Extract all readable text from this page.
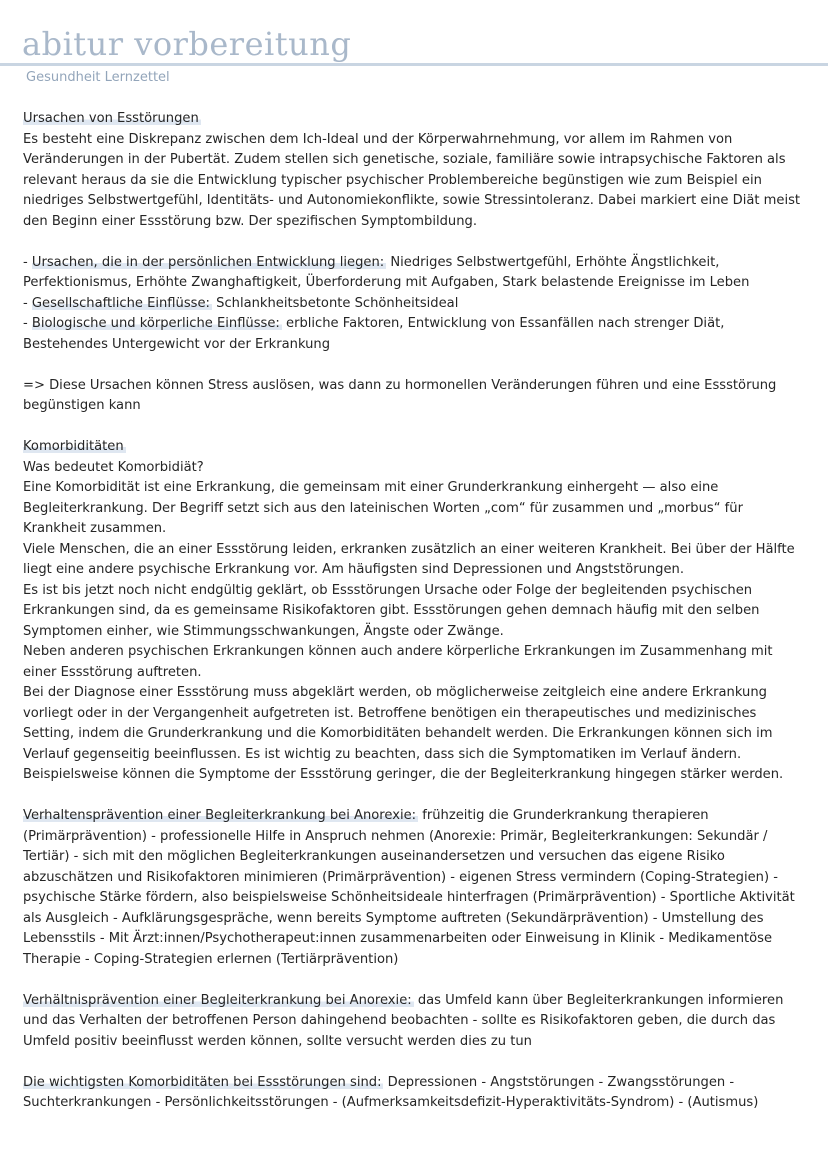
abitur vorbereitung
Gesundheit Lernzettel

Ursachen von Esstörungen

Es besteht eine Diskrepanz zwischen dem Ich-Ideal und der Körperwahrnehmung, vor allem im Rahmen von Veränderungen in der Pubertät. Zudem stellen sich genetische, soziale, familiäre sowie intrapsychische Faktoren als relevant heraus da sie die Entwicklung typischer psychischer Problembereiche begünstigen wie zum Beispiel ein niedriges Selbstwertgefühl, Identitäts- und Autonomiekonflikte, sowie Stressintoleranz. Dabei markiert eine Diät meist den Beginn einer Essstörung bzw. Der spezifischen Symptombildung.

- Ursachen, die in der persönlichen Entwicklung liegen: Niedriges Selbstwertgefühl, Erhöhte Ängstlichkeit, Perfektionismus, Erhöhte Zwanghaftigkeit, Überforderung mit Aufgaben, Stark belastende Ereignisse im Leben

- Gesellschaftliche Einflüsse: Schlankheitsbetonte Schönheitsideal

- Biologische und körperliche Einflüsse: erbliche Faktoren, Entwicklung von Essanfällen nach strenger Diät, Bestehendes Untergewicht vor der Erkrankung

=> Diese Ursachen können Stress auslösen, was dann zu hormonellen Veränderungen führen und eine Essstörung begünstigen kann

Komorbiditäten

Was bedeutet Komorbidiät?

Eine Komorbidität ist eine Erkrankung, die gemeinsam mit einer Grunderkrankung einhergeht — also eine Begleiterkrankung. Der Begriff setzt sich aus den lateinischen Worten „com“ für zusammen und „morbus“ für Krankheit zusammen.

Viele Menschen, die an einer Essstörung leiden, erkranken zusätzlich an einer weiteren Krankheit. Bei über der Hälfte liegt eine andere psychische Erkrankung vor. Am häufigsten sind Depressionen und Angststörungen.

Es ist bis jetzt noch nicht endgültig geklärt, ob Essstörungen Ursache oder Folge der begleitenden psychischen Erkrankungen sind, da es gemeinsame Risikofaktoren gibt. Essstörungen gehen demnach häufig mit den selben Symptomen einher, wie Stimmungsschwankungen, Ängste oder Zwänge.

Neben anderen psychischen Erkrankungen können auch andere körperliche Erkrankungen im Zusammenhang mit einer Essstörung auftreten.

Bei der Diagnose einer Essstörung muss abgeklärt werden, ob möglicherweise zeitgleich eine andere Erkrankung vorliegt oder in der Vergangenheit aufgetreten ist. Betroffene benötigen ein therapeutisches und medizinisches Setting, indem die Grunderkrankung und die Komorbiditäten behandelt werden. Die Erkrankungen können sich im Verlauf gegenseitig beeinflussen. Es ist wichtig zu beachten, dass sich die Symptomatiken im Verlauf ändern. Beispielsweise können die Symptome der Essstörung geringer, die der Begleiterkrankung hingegen stärker werden.

Verhaltensprävention einer Begleiterkrankung bei Anorexie: frühzeitig die Grunderkrankung therapieren (Primärprävention) - professionelle Hilfe in Anspruch nehmen (Anorexie: Primär, Begleiterkrankungen: Sekundär / Tertiär) - sich mit den möglichen Begleiterkrankungen auseinandersetzen und versuchen das eigene Risiko abzuschätzen und Risikofaktoren minimieren (Primärprävention) - eigenen Stress vermindern (Coping-Strategien) - psychische Stärke fördern, also beispielsweise Schönheitsideale hinterfragen (Primärprävention) - Sportliche Aktivität als Ausgleich - Aufklärungsgespräche, wenn bereits Symptome auftreten (Sekundärprävention) - Umstellung des Lebensstils - Mit Ärzt:innen/Psychotherapeut:innen zusammenarbeiten oder Einweisung in Klinik - Medikamentöse Therapie - Coping-Strategien erlernen (Tertiärprävention)

Verhältnisprävention einer Begleiterkrankung bei Anorexie: das Umfeld kann über Begleiterkrankungen informieren und das Verhalten der betroffenen Person dahingehend beobachten - sollte es Risikofaktoren geben, die durch das Umfeld positiv beeinflusst werden können, sollte versucht werden dies zu tun

Die wichtigsten Komorbiditäten bei Essstörungen sind: Depressionen - Angststörungen - Zwangsstörungen - Suchterkrankungen - Persönlichkeitsstörungen - (Aufmerksamkeitsdefizit-Hyperaktivitäts-Syndrom) - (Autismus)
